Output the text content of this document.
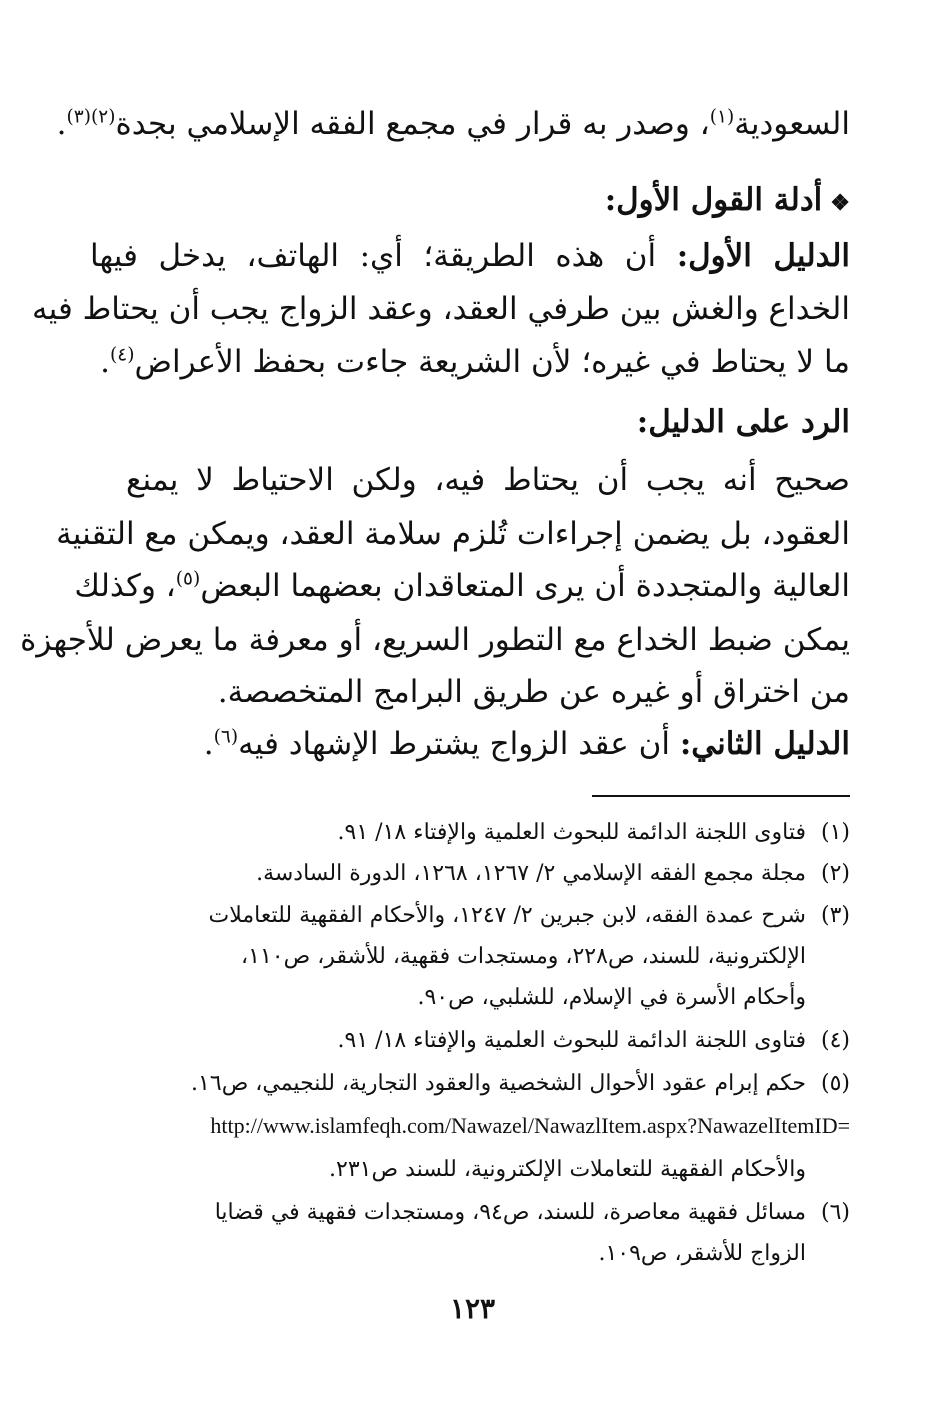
السعودية$^{(١)}$، وصدر به قرار في مجمع الفقه الإسلامي بجدة$^{(٢)(٣)}$.
❖أدلة القول الأول:
الدليل الأول: أن هذه الطريقة؛ أي: الهاتف، يدخل فيها
الخداع والغش بين طرفي العقد، وعقد الزواج يجب أن يحتاط فيه
ما لا يحتاط في غيره؛ لأن الشريعة جاءت بحفظ الأعراض$^{(٤)}$.
الرد على الدليل:
صحيح أنه يجب أن يحتاط فيه، ولكن الاحتياط لا يمنع
العقود، بل يضمن إجراءات تُلزم سلامة العقد، ويمكن مع التقنية
العالية والمتجددة أن يرى المتعاقدان بعضهما البعض$^{(٥)}$، وكذلك
يمكن ضبط الخداع مع التطور السريع، أو معرفة ما يعرض للأجهزة
من اختراق أو غيره عن طريق البرامج المتخصصة.
الدليل الثاني: أن عقد الزواج يشترط الإشهاد فيه$^{(٦)}$.
(١)فتاوى اللجنة الدائمة للبحوث العلمية والإفتاء ١٨/ ٩١.
(٢)مجلة مجمع الفقه الإسلامي ٢/ ١٢٦٧، ١٢٦٨، الدورة السادسة.
(٣)شرح عمدة الفقه، لابن جبرين ٢/ ١٢٤٧، والأحكام الفقهية للتعاملات
الإلكترونية، للسند، ص٢٢٨، ومستجدات فقهية، للأشقر، ص١١٠،
وأحكام الأسرة في الإسلام، للشلبي، ص٩٠.
(٤)فتاوى اللجنة الدائمة للبحوث العلمية والإفتاء ١٨/ ٩١.
(٥)حكم إبرام عقود الأحوال الشخصية والعقود التجارية، للنجيمي، ص١٦.
http://www.islamfeqh.com/Nawazel/NawazlItem.aspx?NawazelItemID=
والأحكام الفقهية للتعاملات الإلكترونية، للسند ص٢٣١.
(٦)مسائل فقهية معاصرة، للسند، ص٩٤، ومستجدات فقهية في قضايا
الزواج للأشقر، ص١٠٩.
١٢٣
